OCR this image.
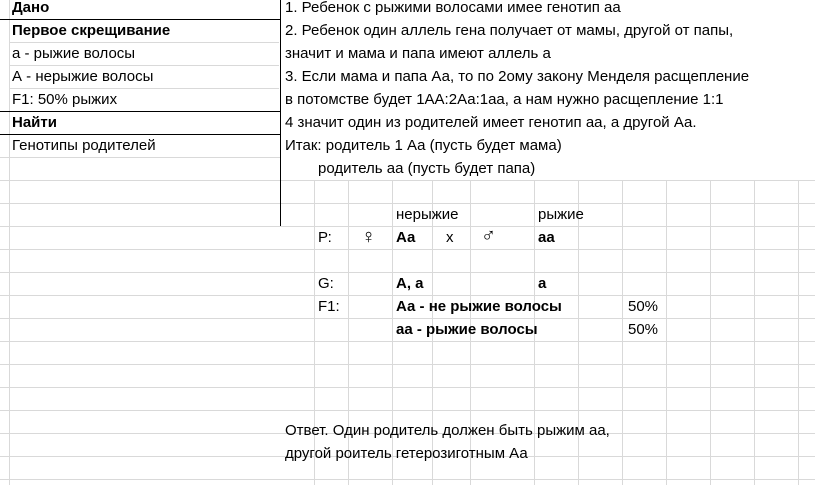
Дано
Первое скрещивание
а - рыжие волосы
А - нерыжие волосы
F1: 50% рыжих
Найти
Генотипы родителей
1. Ребенок с рыжими волосами имее генотип аа
2. Ребенок один аллель гена получает от мамы, другой от папы,
значит и мама и папа имеют аллель а
3. Если мама и папа Аа, то по 2ому закону Менделя расщепление
в потомстве будет 1АА:2Аа:1аа, а нам нужно расщепление 1:1
4 значит один из родителей имеет генотип аа, а другой Аа.
Итак: родитель 1 Аа (пусть будет мама)
родитель аа (пусть будет папа)
нерыжие	рыжие
Р: ♀ Аа х ♂	аа
G:	А, а	а
F1:	Аа - не рыжие волосы	50%
аа - рыжие волосы	50%
Ответ. Один родитель должен быть рыжим аа,
другой роитель гетерозиготным Аа
